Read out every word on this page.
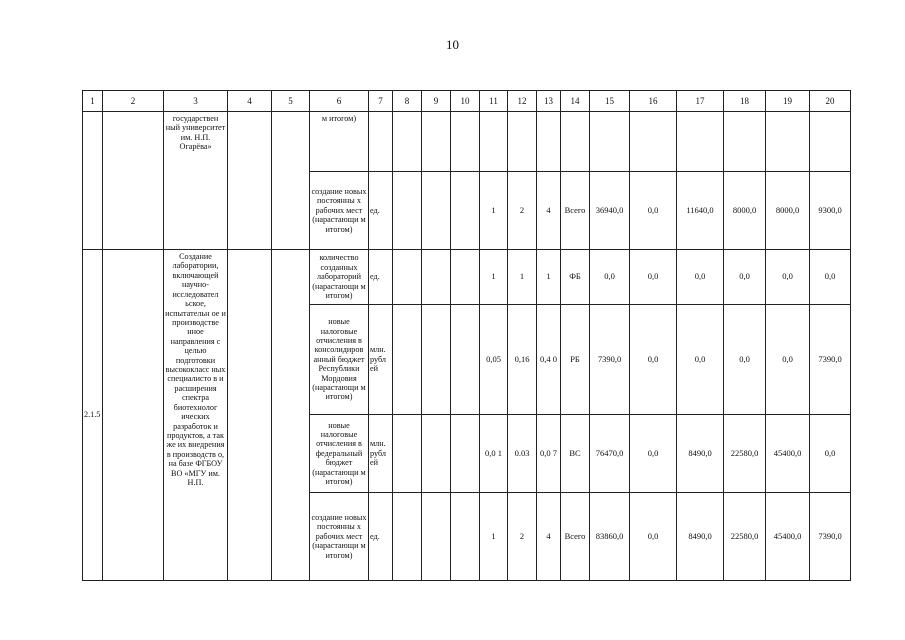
10
1	2	3	4	5	6	7	8	9	10	11	12	13	14	15	16	17	18	19	20
		государствен ный университет им. Н.П. Огарёва»			м итогом)														
					создание новых постоянны х рабочих мест (нарастающи м итогом)	ед.				1	2	4	Всего	36940,0	0,0	11640,0	8000,0	8000,0	9300,0
2.1.5		Создание лаборатории, включающей научно- исследовател ьское, испытательн ое и производстве нное направления с целью подготовки высококласс ных специалисто в и расширения спектра биотехнолог ических разработок и продуктов, а так же их внедрения в производств о, на базе ФГБОУ ВО «МГУ им. Н.П.			количество созданных лабораторий (нарастающи м итогом)	ед.				1	1	1	ФБ	0,0	0,0	0,0	0,0	0,0	0,0
					новые налоговые отчисления в консолидиров анный бюджет Республики Мордовия (нарастающи м итогом)	млн. рубл ей				0,05	0,16	0,4 0	РБ	7390,0	0,0	0,0	0,0	0,0	7390,0
					новые налоговые отчисления в федеральный бюджет (нарастающи м итогом)	млн. рубл ей				0,0 1	0.03	0,0 7	ВС	76470,0	0,0	8490,0	22580,0	45400,0	0,0
					создание новых постоянны х рабочих мест (нарастающи м итогом)	ед.				1	2	4	Всего	83860,0	0,0	8490,0	22580,0	45400,0	7390,0
